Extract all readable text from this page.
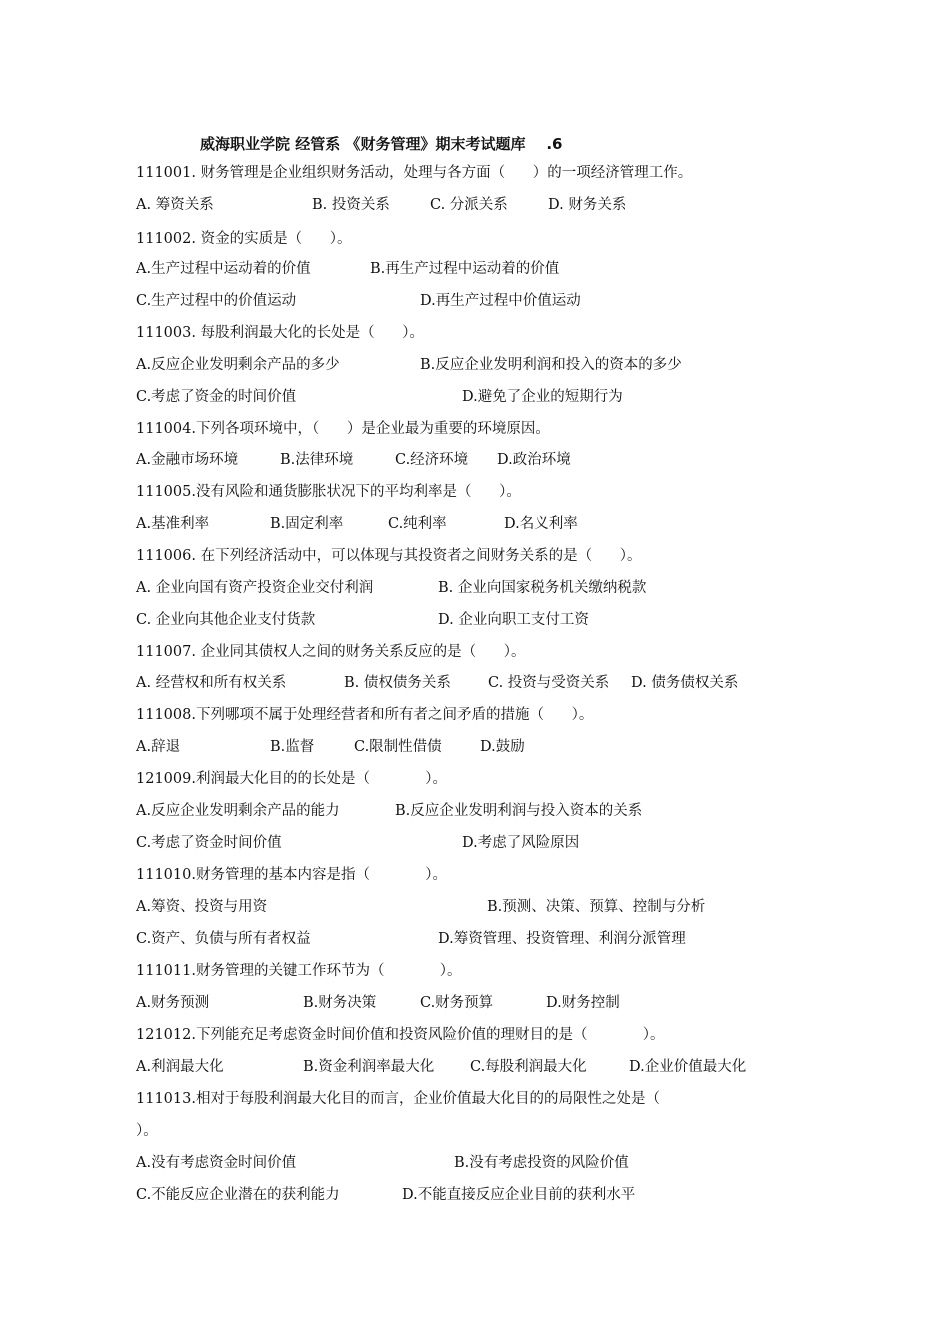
威海职业学院 经管系 《财务管理》期末考试题库    .6
111001. 财务管理是企业组织财务活动，处理与各方面（      ）的一项经济管理工作。
A. 筹资关系	B. 投资关系	C. 分派关系	D. 财务关系
111002. 资金的实质是（      ）。
A.生产过程中运动着的价值	B.再生产过程中运动着的价值
C.生产过程中的价值运动	D.再生产过程中价值运动
111003. 每股利润最大化的长处是（      ）。
A.反应企业发明剩余产品的多少	B.反应企业发明利润和投入的资本的多少
C.考虑了资金的时间价值	D.避免了企业的短期行为
111004.下列各项环境中，（      ）是企业最为重要的环境原因。
A.金融市场环境	B.法律环境	C.经济环境 D.政治环境
111005.没有风险和通货膨胀状况下的平均利率是（      ）。
A.基准利率	B.固定利率	C.纯利率	D.名义利率
111006. 在下列经济活动中，可以体现与其投资者之间财务关系的是（      ）。
A. 企业向国有资产投资企业交付利润	B. 企业向国家税务机关缴纳税款
C. 企业向其他企业支付货款	D. 企业向职工支付工资
111007. 企业同其债权人之间的财务关系反应的是（      ）。
A. 经营权和所有权关系	B. 债权债务关系	C. 投资与受资关系 D. 债务债权关系
111008.下列哪项不属于处理经营者和所有者之间矛盾的措施（      ）。
A.辞退	B.监督	C.限制性借债	D.鼓励
121009.利润最大化目的的长处是（            ）。
A.反应企业发明剩余产品的能力	B.反应企业发明利润与投入资本的关系
C.考虑了资金时间价值	D.考虑了风险原因
111010.财务管理的基本内容是指（            ）。
A.筹资、投资与用资	B.预测、决策、预算、控制与分析
C.资产、负债与所有者权益	D.筹资管理、投资管理、利润分派管理
111011.财务管理的关键工作环节为（            ）。
A.财务预测	B.财务决策	C.财务预算	D.财务控制
121012.下列能充足考虑资金时间价值和投资风险价值的理财目的是（            ）。
A.利润最大化	B.资金利润率最大化 C.每股利润最大化	D.企业价值最大化
111013.相对于每股利润最大化目的而言，企业价值最大化目的的局限性之处是（
）。
A.没有考虑资金时间价值	B.没有考虑投资的风险价值
C.不能反应企业潜在的获利能力	D.不能直接反应企业目前的获利水平
